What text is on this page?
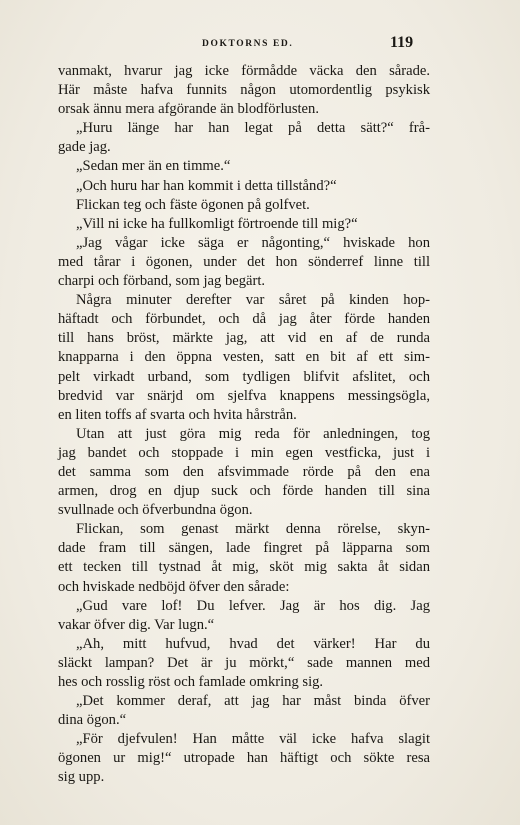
DOKTORNS ED.	119
vanmakt, hvarur jag icke förmådde väcka den sårade.
Här måste hafva funnits någon utomordentlig psykisk
orsak ännu mera afgörande än blodförlusten.
„Huru länge har han legat på detta sätt?“ frå-
gade jag.
„Sedan mer än en timme.“
„Och huru har han kommit i detta tillstånd?“
Flickan teg och fäste ögonen på golfvet.
„Vill ni icke ha fullkomligt förtroende till mig?“
„Jag vågar icke säga er någonting,“ hviskade hon
med tårar i ögonen, under det hon sönderref linne till
charpi och förband, som jag begärt.
Några minuter derefter var såret på kinden hop-
häftadt och förbundet, och då jag åter förde handen
till hans bröst, märkte jag, att vid en af de runda
knapparna i den öppna vesten, satt en bit af ett sim-
pelt virkadt urband, som tydligen blifvit afslitet, och
bredvid var snärjd om sjelfva knappens messingsögla,
en liten toffs af svarta och hvita hårstrån.
Utan att just göra mig reda för anledningen, tog
jag bandet och stoppade i min egen vestficka, just i
det samma som den afsvimmade rörde på den ena
armen, drog en djup suck och förde handen till sina
svullnade och öfverbundna ögon.
Flickan, som genast märkt denna rörelse, skyn-
dade fram till sängen, lade fingret på läpparna som
ett tecken till tystnad åt mig, sköt mig sakta åt sidan
och hviskade nedböjd öfver den sårade:
„Gud vare lof! Du lefver. Jag är hos dig. Jag
vakar öfver dig. Var lugn.“
„Ah, mitt hufvud, hvad det värker! Har du
släckt lampan? Det är ju mörkt,“ sade mannen med
hes och rosslig röst och famlade omkring sig.
„Det kommer deraf, att jag har måst binda öfver
dina ögon.“
„För djefvulen! Han måtte väl icke hafva slagit
ögonen ur mig!“ utropade han häftigt och sökte resa
sig upp.
